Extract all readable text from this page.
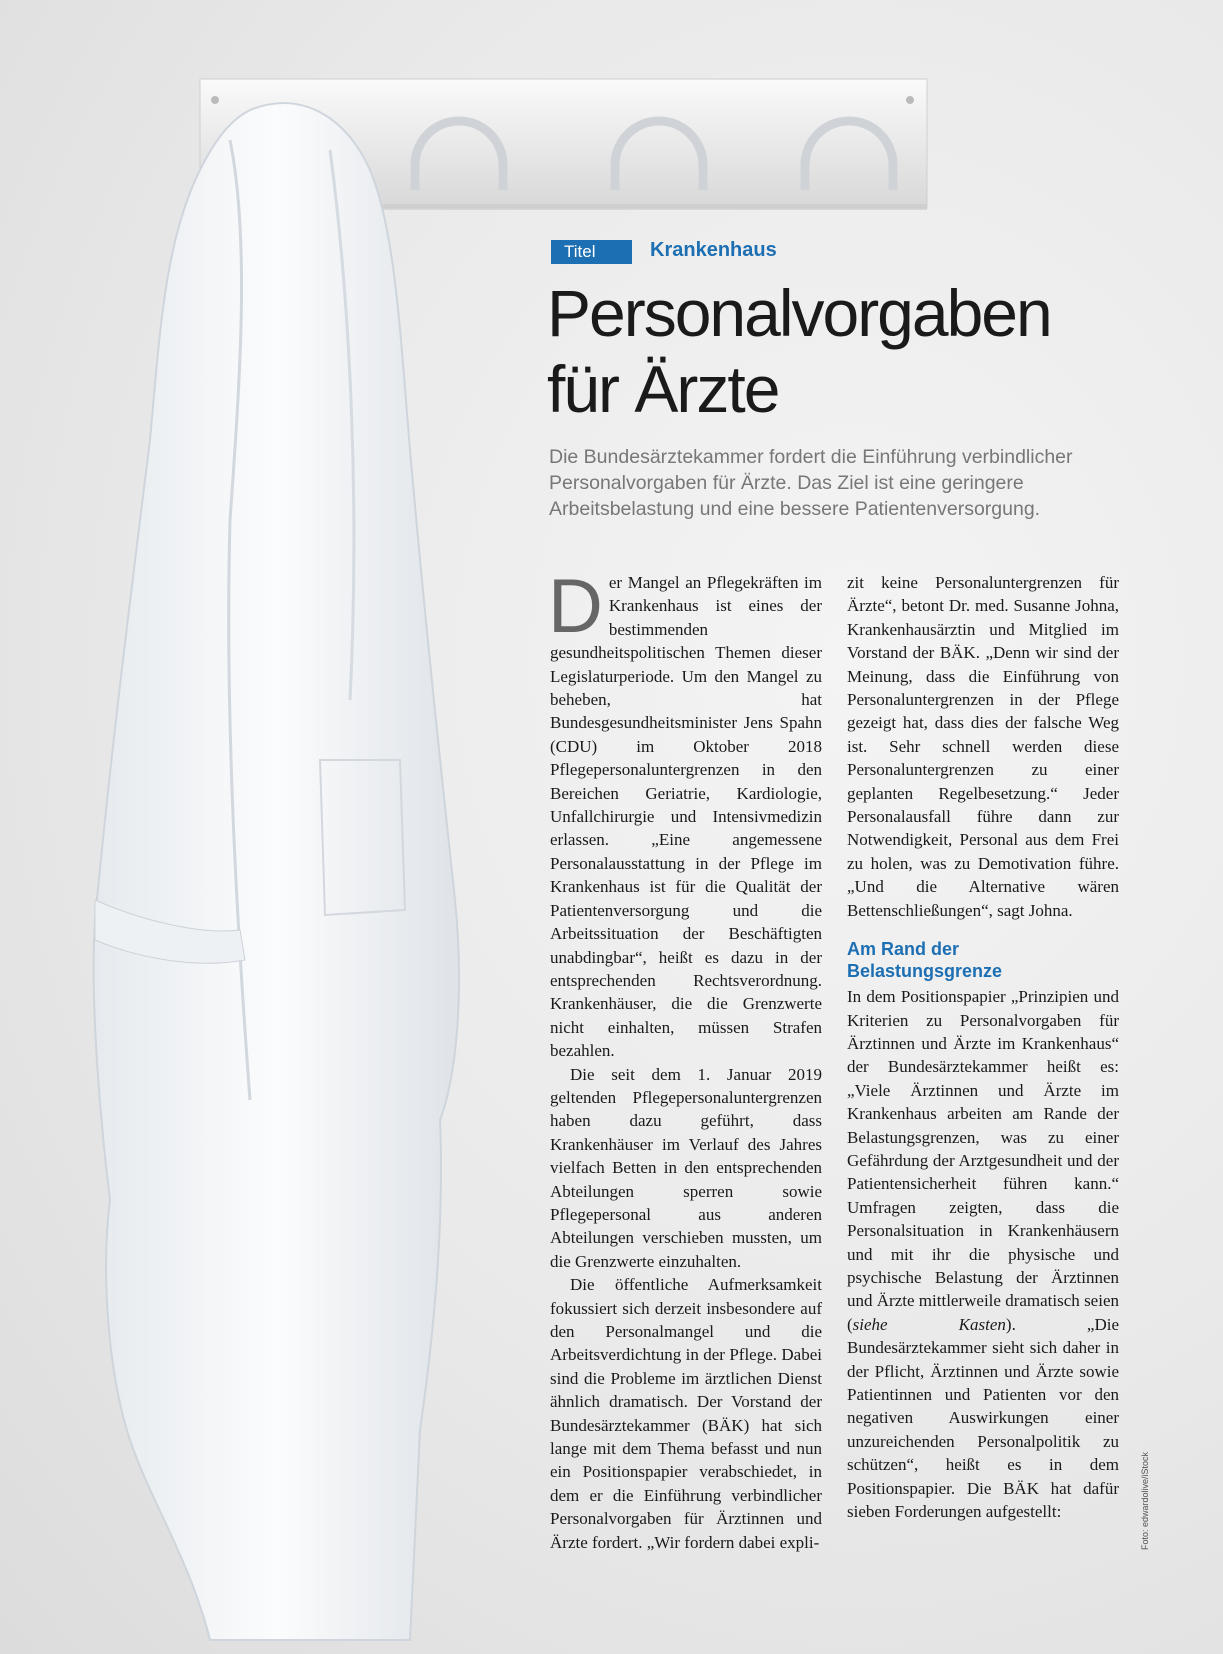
Titel	Krankenhaus
Personalvorgaben
für Ärzte
Die Bundesärztekammer fordert die Einführung verbindlicher Personalvorgaben für Ärzte. Das Ziel ist eine geringere Arbeitsbelastung und eine bessere Patientenversorgung.

Der Mangel an Pflegekräften im Krankenhaus ist eines der bestimmenden gesundheitspolitischen Themen dieser Legislaturperiode. Um den Mangel zu beheben, hat Bundesgesundheitsminister Jens Spahn (CDU) im Oktober 2018 Pflegepersonaluntergrenzen in den Bereichen Geriatrie, Kardiologie, Unfallchirurgie und Intensivmedizin erlassen. „Eine angemessene Personalausstattung in der Pflege im Krankenhaus ist für die Qualität der Patientenversorgung und die Arbeitssituation der Beschäftigten unabdingbar“, heißt es dazu in der entsprechenden Rechtsverordnung. Krankenhäuser, die die Grenzwerte nicht einhalten, müssen Strafen bezahlen.

Die seit dem 1. Januar 2019 geltenden Pflegepersonaluntergrenzen haben dazu geführt, dass Krankenhäuser im Verlauf des Jahres vielfach Betten in den entsprechenden Abteilungen sperren sowie Pflegepersonal aus anderen Abteilungen verschieben mussten, um die Grenzwerte einzuhalten.

Die öffentliche Aufmerksamkeit fokussiert sich derzeit insbesondere auf den Personalmangel und die Arbeitsverdichtung in der Pflege. Dabei sind die Probleme im ärztlichen Dienst ähnlich dramatisch. Der Vorstand der Bundesärztekammer (BÄK) hat sich lange mit dem Thema befasst und nun ein Positionspapier verabschiedet, in dem er die Einführung verbindlicher Personalvorgaben für Ärztinnen und Ärzte fordert. „Wir fordern dabei expli-

zit keine Personaluntergrenzen für Ärzte“, betont Dr. med. Susanne Johna, Krankenhausärztin und Mitglied im Vorstand der BÄK. „Denn wir sind der Meinung, dass die Einführung von Personaluntergrenzen in der Pflege gezeigt hat, dass dies der falsche Weg ist. Sehr schnell werden diese Personaluntergrenzen zu einer geplanten Regelbesetzung.“ Jeder Personalausfall führe dann zur Notwendigkeit, Personal aus dem Frei zu holen, was zu Demotivation führe. „Und die Alternative wären Bettenschließungen“, sagt Johna.

Am Rand der Belastungsgrenze

In dem Positionspapier „Prinzipien und Kriterien zu Personalvorgaben für Ärztinnen und Ärzte im Krankenhaus“ der Bundesärztekammer heißt es: „Viele Ärztinnen und Ärzte im Krankenhaus arbeiten am Rande der Belastungsgrenzen, was zu einer Gefährdung der Arztgesundheit und der Patientensicherheit führen kann.“ Umfragen zeigten, dass die Personalsituation in Krankenhäusern und mit ihr die physische und psychische Belastung der Ärztinnen und Ärzte mittlerweile dramatisch seien (siehe Kasten). „Die Bundesärztekammer sieht sich daher in der Pflicht, Ärztinnen und Ärzte sowie Patientinnen und Patienten vor den negativen Auswirkungen einer unzureichenden Personalpolitik zu schützen“, heißt es in dem Positionspapier. Die BÄK hat dafür sieben Forderungen aufgestellt:	Foto: edwardolive/iStock
